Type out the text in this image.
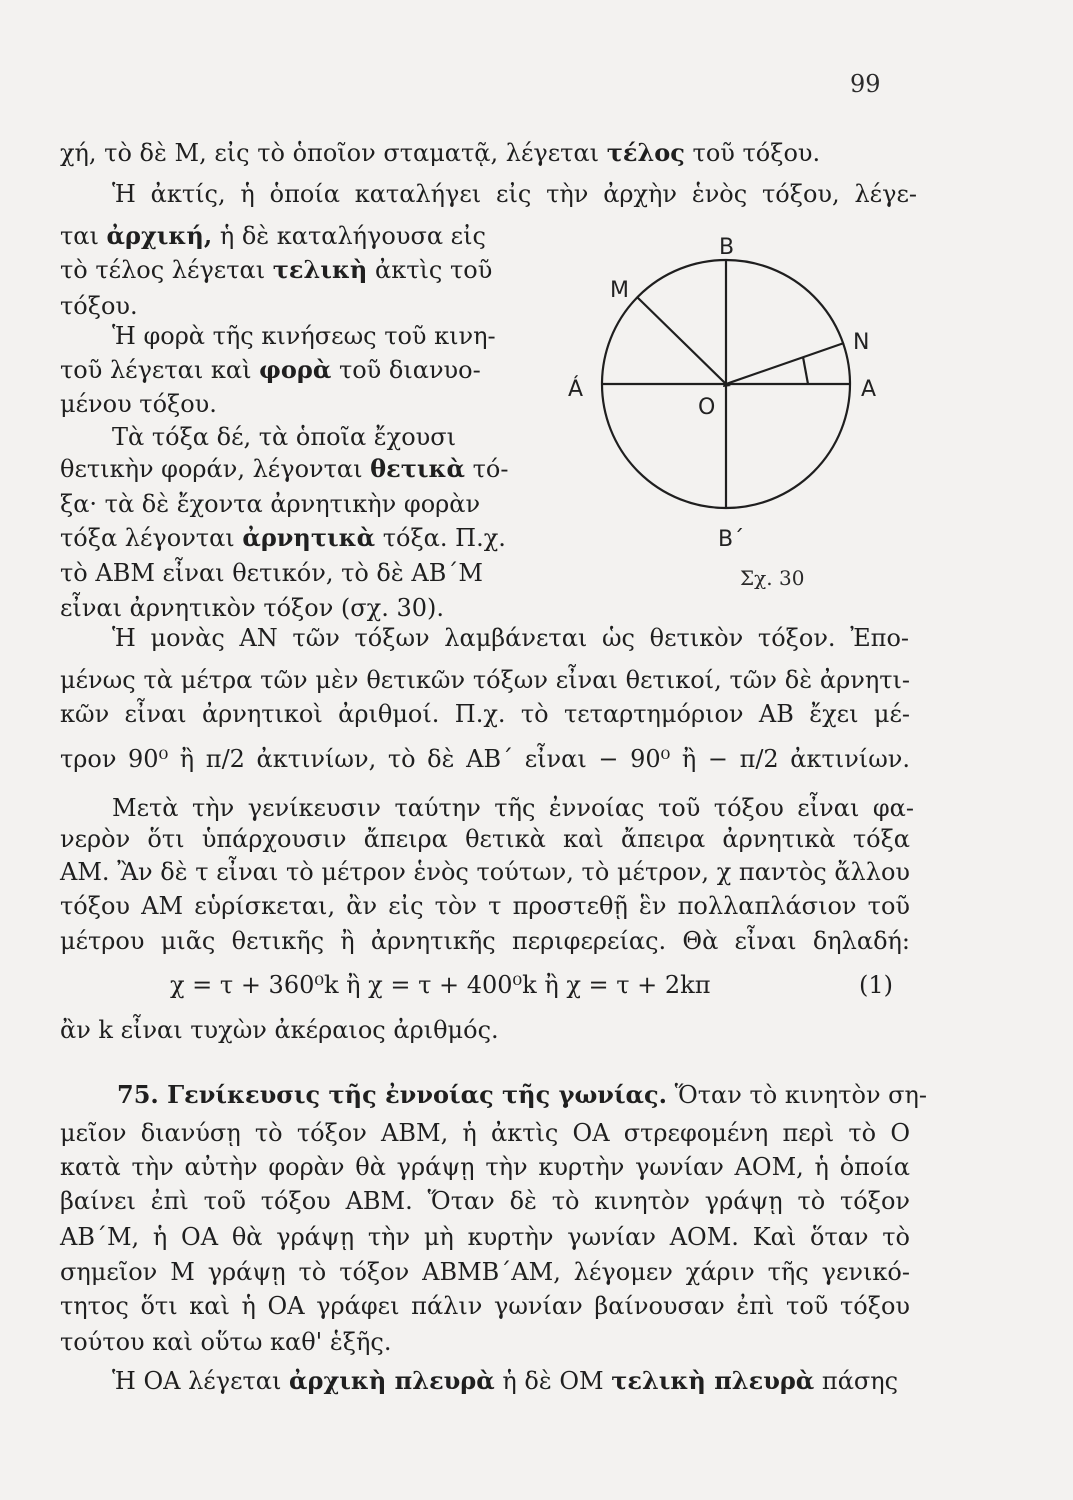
99
χή, τὸ δὲ Μ, εἰς τὸ ὁποῖον σταματᾷ, λέγεται τέλος τοῦ τόξου.
Ἡ ἀκτίς, ἡ ὁποία καταλήγει εἰς τὴν ἀρχὴν ἑνὸς τόξου, λέγε-
ται ἀρχική, ἡ δὲ καταλήγουσα εἰς
τὸ τέλος λέγεται τελικὴ ἀκτὶς τοῦ
τόξου.
Ἡ φορὰ τῆς κινήσεως τοῦ κινη-
τοῦ λέγεται καὶ φορὰ τοῦ διανυο-
μένου τόξου.
Τὰ τόξα δέ, τὰ ὁποῖα ἔχουσι
θετικὴν φοράν, λέγονται θετικὰ τό-
ξα· τὰ δὲ ἔχοντα ἀρνητικὴν φορὰν
τόξα λέγονται ἀρνητικὰ τόξα. Π.χ.
τὸ ΑΒΜ εἶναι θετικόν, τὸ δὲ ΑΒ΄Μ
εἶναι ἀρνητικὸν τόξον (σχ. 30).
B
M
N
Á	A
O
B΄
Σχ. 30
Ἡ μονὰς ΑΝ τῶν τόξων λαμβάνεται ὡς θετικὸν τόξον. Ἐπο-
μένως τὰ μέτρα τῶν μὲν θετικῶν τόξων εἶναι θετικοί, τῶν δὲ ἀρνητι-
κῶν εἶναι ἀρνητικοὶ ἀριθμοί. Π.χ. τὸ τεταρτημόριον ΑΒ ἔχει μέ-
τρον 90⁰ ἢ π/2 ἀκτινίων, τὸ δὲ ΑΒ΄ εἶναι − 90⁰ ἢ − π/2 ἀκτινίων.
Μετὰ τὴν γενίκευσιν ταύτην τῆς ἐννοίας τοῦ τόξου εἶναι φα-
νερὸν ὅτι ὑπάρχουσιν ἄπειρα θετικὰ καὶ ἄπειρα ἀρνητικὰ τόξα
ΑΜ. Ἂν δὲ τ εἶναι τὸ μέτρον ἑνὸς τούτων, τὸ μέτρον, χ παντὸς ἄλλου
τόξου ΑΜ εὑρίσκεται, ἂν εἰς τὸν τ προστεθῇ ἓν πολλαπλάσιον τοῦ
μέτρου μιᾶς θετικῆς ἢ ἀρνητικῆς περιφερείας. Θὰ εἶναι δηλαδή:
χ = τ + 360⁰k ἢ χ = τ + 400⁰k ἢ χ = τ + 2kπ	(1)
ἂν k εἶναι τυχὼν ἀκέραιος ἀριθμός.
75. Γενίκευσις τῆς ἐννοίας τῆς γωνίας. Ὅταν τὸ κινητὸν ση-
μεῖον διανύσῃ τὸ τόξον ΑΒΜ, ἡ ἀκτὶς ΟΑ στρεφομένη περὶ τὸ Ο
κατὰ τὴν αὐτὴν φορὰν θὰ γράψῃ τὴν κυρτὴν γωνίαν ΑΟΜ, ἡ ὁποία
βαίνει ἐπὶ τοῦ τόξου ΑΒΜ. Ὅταν δὲ τὸ κινητὸν γράψῃ τὸ τόξον
ΑΒ΄Μ, ἡ ΟΑ θὰ γράψῃ τὴν μὴ κυρτὴν γωνίαν ΑΟΜ. Καὶ ὅταν τὸ
σημεῖον Μ γράψῃ τὸ τόξον ΑΒΜΒ΄ΑΜ, λέγομεν χάριν τῆς γενικό-
τητος ὅτι καὶ ἡ ΟΑ γράφει πάλιν γωνίαν βαίνουσαν ἐπὶ τοῦ τόξου
τούτου καὶ οὕτω καθ' ἑξῆς.
Ἡ ΟΑ λέγεται ἀρχικὴ πλευρὰ ἡ δὲ ΟΜ τελικὴ πλευρὰ πάσης
